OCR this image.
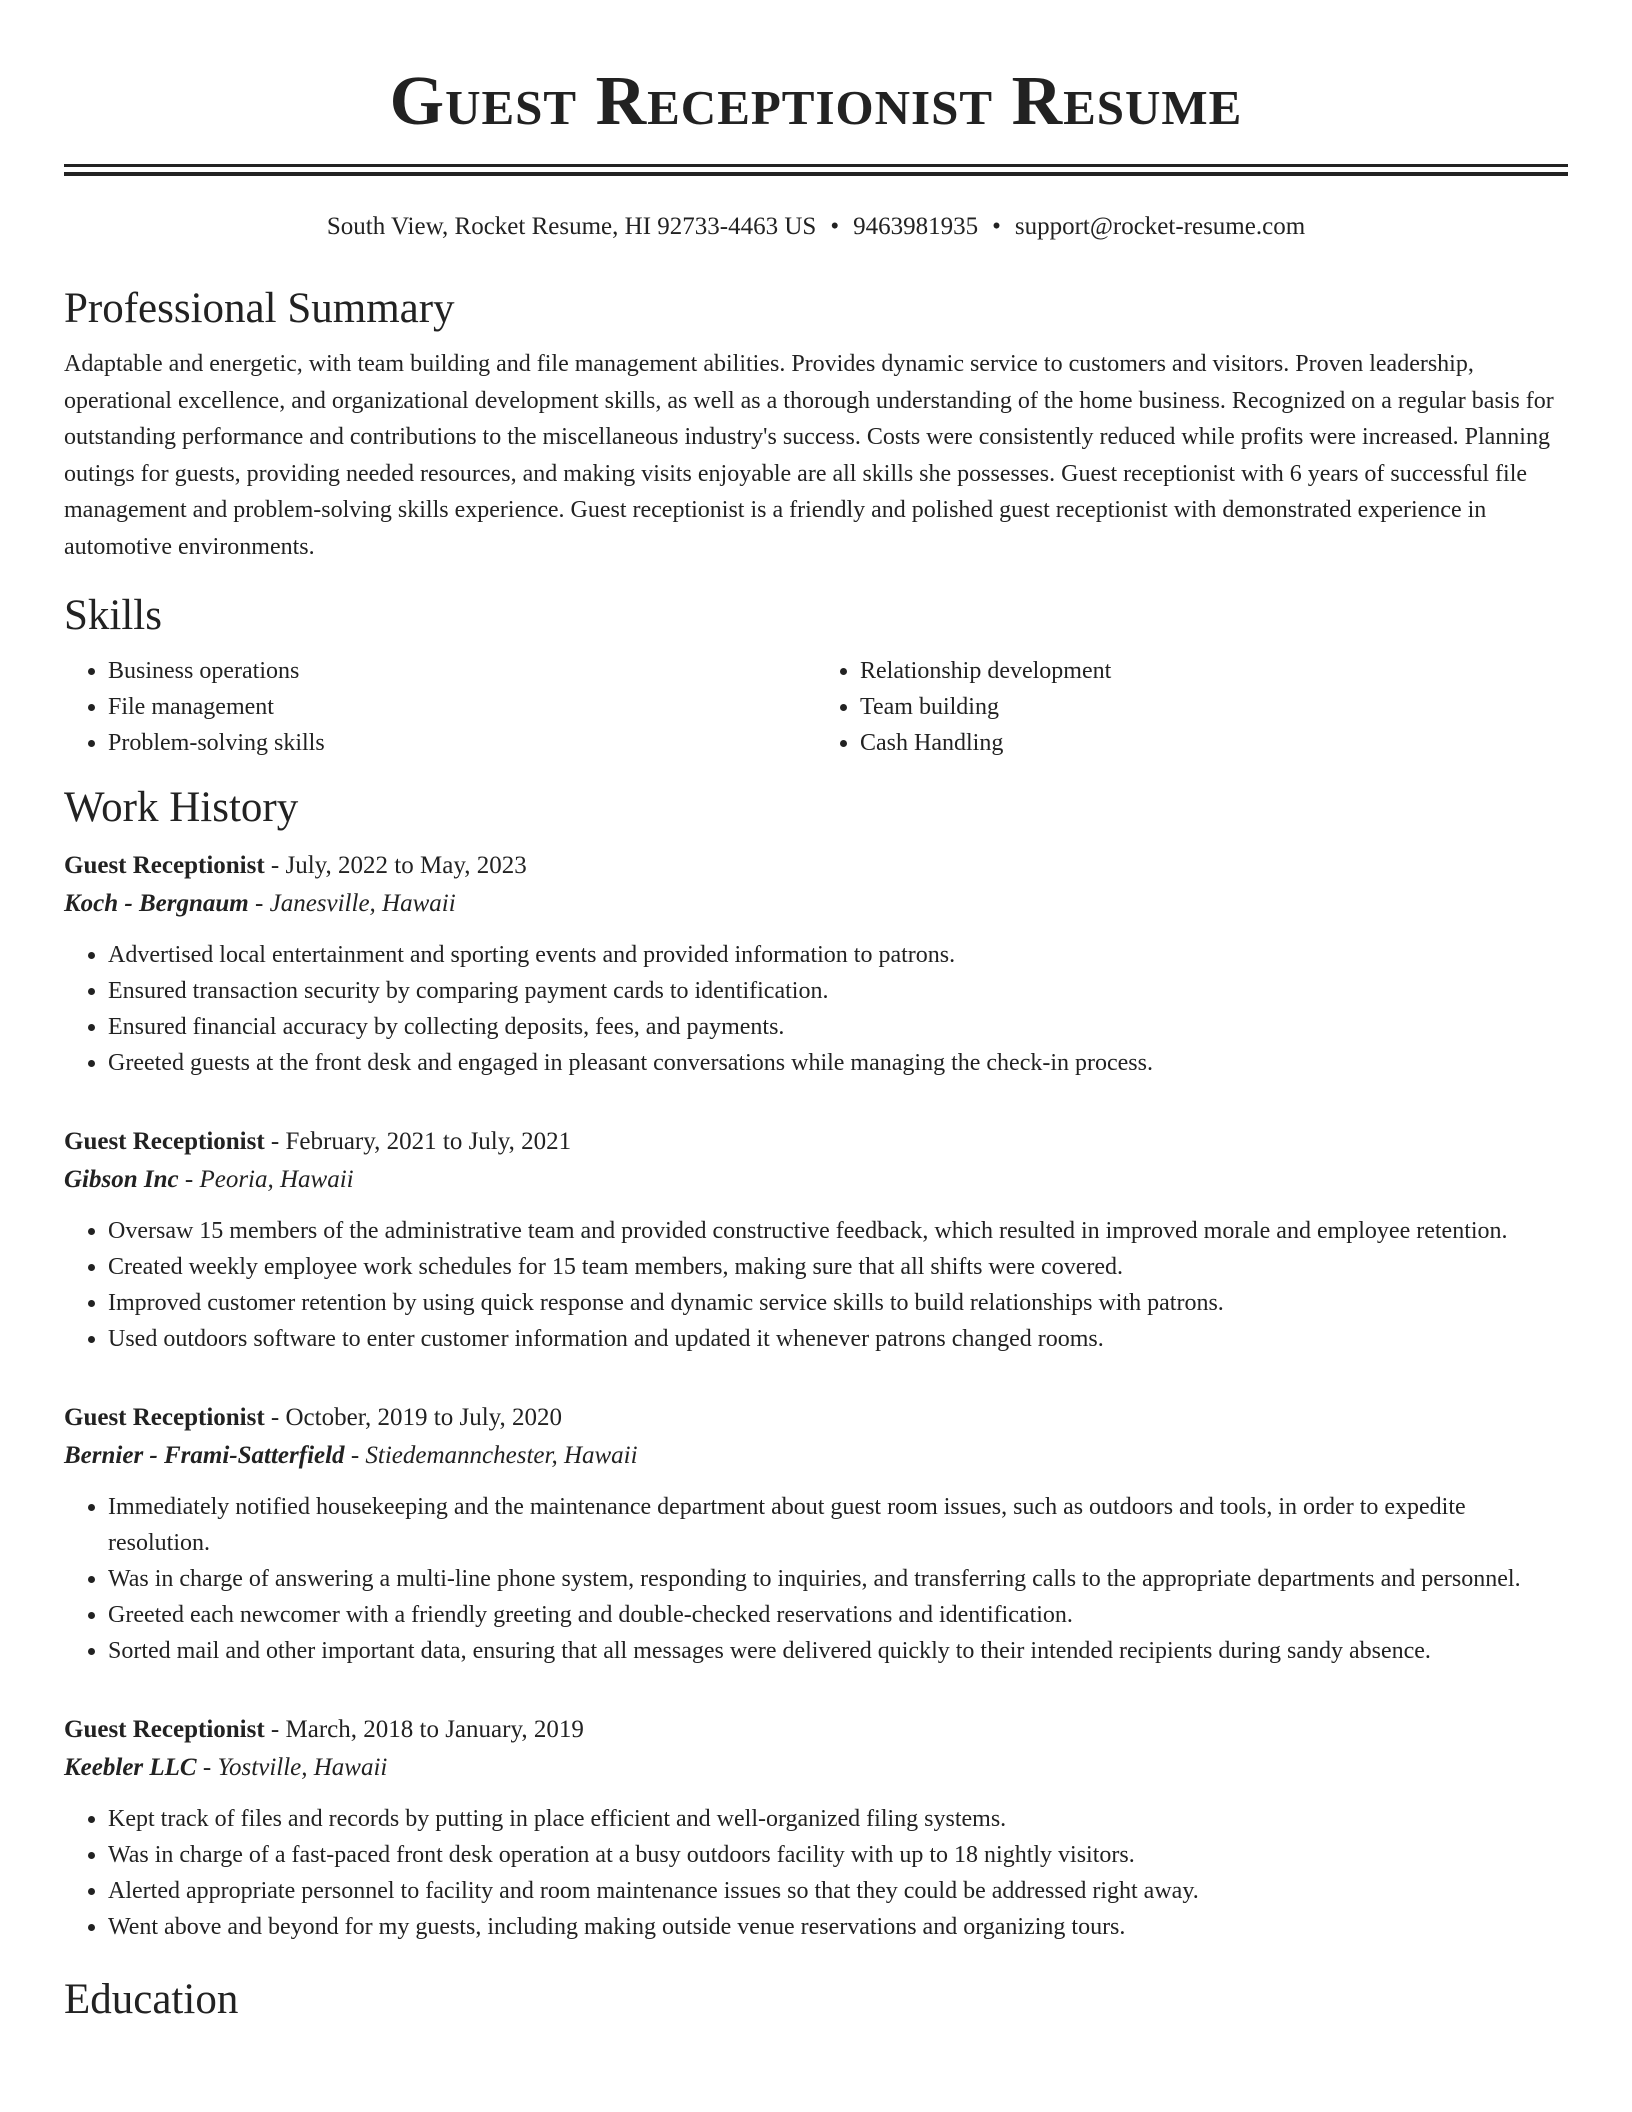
Guest Receptionist Resume
South View, Rocket Resume, HI 92733-4463 US • 9463981935 • support@rocket-resume.com
Professional Summary

Adaptable and energetic, with team building and file management abilities. Provides dynamic service to customers and visitors. Proven leadership, operational excellence, and organizational development skills, as well as a thorough understanding of the home business. Recognized on a regular basis for outstanding performance and contributions to the miscellaneous industry's success. Costs were consistently reduced while profits were increased. Planning outings for guests, providing needed resources, and making visits enjoyable are all skills she possesses. Guest receptionist with 6 years of successful file management and problem-solving skills experience. Guest receptionist is a friendly and polished guest receptionist with demonstrated experience in automotive environments.

Skills
• Business operations
• File management
• Problem-solving skills
• Relationship development
• Team building
• Cash Handling
Work History
Guest Receptionist - July, 2022 to May, 2023
Koch - Bergnaum - Janesville, Hawaii
• Advertised local entertainment and sporting events and provided information to patrons.
• Ensured transaction security by comparing payment cards to identification.
• Ensured financial accuracy by collecting deposits, fees, and payments.
• Greeted guests at the front desk and engaged in pleasant conversations while managing the check-in process.
Guest Receptionist - February, 2021 to July, 2021
Gibson Inc - Peoria, Hawaii
• Oversaw 15 members of the administrative team and provided constructive feedback, which resulted in improved morale and employee retention.
• Created weekly employee work schedules for 15 team members, making sure that all shifts were covered.
• Improved customer retention by using quick response and dynamic service skills to build relationships with patrons.
• Used outdoors software to enter customer information and updated it whenever patrons changed rooms.
Guest Receptionist - October, 2019 to July, 2020
Bernier - Frami-Satterfield - Stiedemannchester, Hawaii
• Immediately notified housekeeping and the maintenance department about guest room issues, such as outdoors and tools, in order to expedite resolution.
• Was in charge of answering a multi-line phone system, responding to inquiries, and transferring calls to the appropriate departments and personnel.
• Greeted each newcomer with a friendly greeting and double-checked reservations and identification.
• Sorted mail and other important data, ensuring that all messages were delivered quickly to their intended recipients during sandy absence.
Guest Receptionist - March, 2018 to January, 2019
Keebler LLC - Yostville, Hawaii
• Kept track of files and records by putting in place efficient and well-organized filing systems.
• Was in charge of a fast-paced front desk operation at a busy outdoors facility with up to 18 nightly visitors.
• Alerted appropriate personnel to facility and room maintenance issues so that they could be addressed right away.
• Went above and beyond for my guests, including making outside venue reservations and organizing tours.
Education
